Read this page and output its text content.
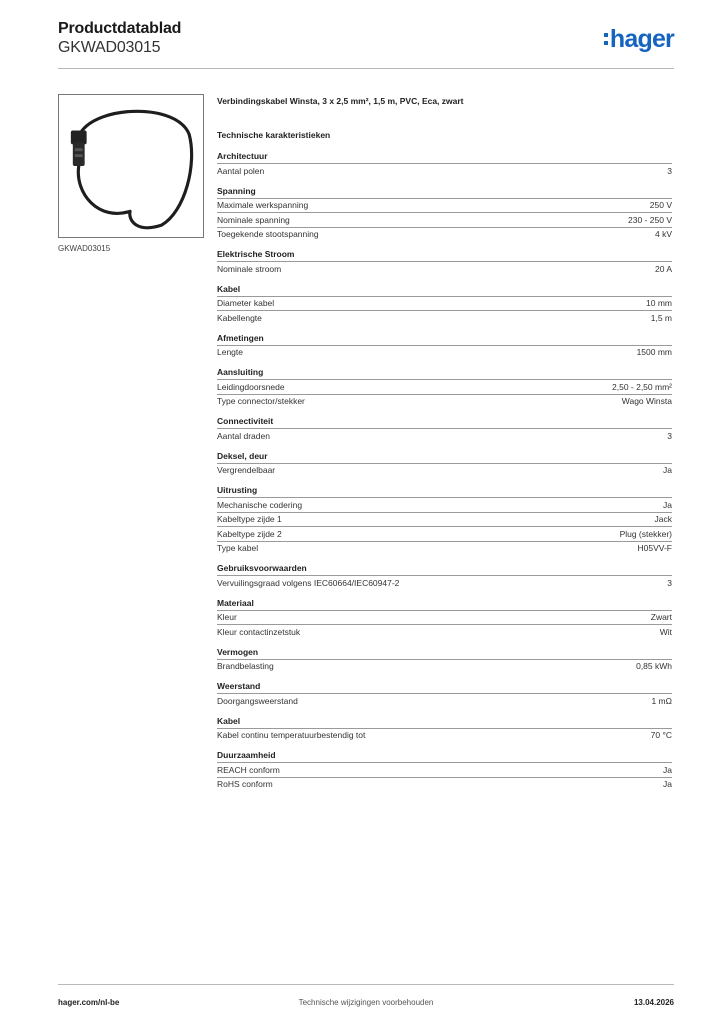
Productdatablad
GKWAD03015	hager
GKWAD03015
Verbindingskabel Winsta, 3 x 2,5 mm², 1,5 m, PVC, Eca, zwart
Technische karakteristieken
Architectuur
Aantal polen	3
Spanning
Maximale werkspanning	250 V
Nominale spanning	230 - 250 V
Toegekende stootspanning	4 kV
Elektrische Stroom
Nominale stroom	20 A
Kabel
Diameter kabel	10 mm
Kabellengte	1,5 m
Afmetingen
Lengte	1500 mm
Aansluiting
Leidingdoorsnede	2,50 - 2,50 mm²
Type connector/stekker	Wago Winsta
Connectiviteit
Aantal draden	3
Deksel, deur
Vergrendelbaar	Ja
Uitrusting
Mechanische codering	Ja
Kabeltype zijde 1	Jack
Kabeltype zijde 2	Plug (stekker)
Type kabel	H05VV-F
Gebruiksvoorwaarden
Vervuilingsgraad volgens IEC60664/IEC60947-2	3
Materiaal
Kleur	Zwart
Kleur contactinzetstuk	Wit
Vermogen
Brandbelasting	0,85 kWh
Weerstand
Doorgangsweerstand	1 mΩ
Kabel
Kabel continu temperatuurbestendig tot	70 °C
Duurzaamheid
REACH conform	Ja
RoHS conform	Ja
hager.com/nl-be	Technische wijzigingen voorbehouden	13.04.2026
